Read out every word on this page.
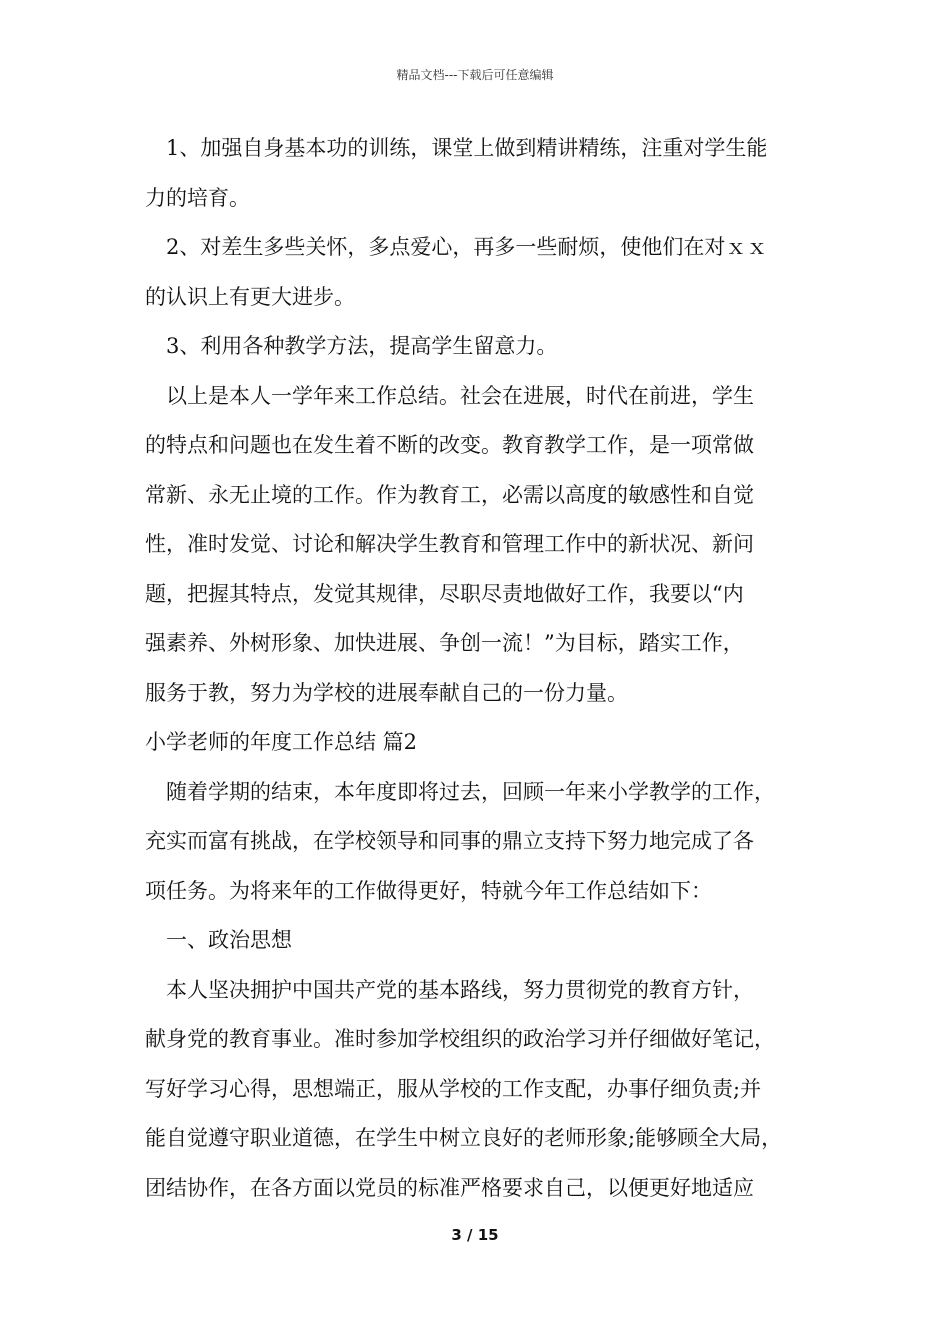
精品文档---下载后可任意编辑
1、加强自身基本功的训练，课堂上做到精讲精练，注重对学生能
力的培育。
2、对差生多些关怀，多点爱心，再多一些耐烦，使他们在对ｘｘ
的认识上有更大进步。
3、利用各种教学方法，提高学生留意力。
以上是本人一学年来工作总结。社会在进展，时代在前进，学生
的特点和问题也在发生着不断的改变。教育教学工作，是一项常做
常新、永无止境的工作。作为教育工，必需以高度的敏感性和自觉
性，准时发觉、讨论和解决学生教育和管理工作中的新状况、新问
题，把握其特点，发觉其规律，尽职尽责地做好工作，我要以“内
强素养、外树形象、加快进展、争创一流！”为目标，踏实工作，
服务于教，努力为学校的进展奉献自己的一份力量。
小学老师的年度工作总结 篇2
随着学期的结束，本年度即将过去，回顾一年来小学教学的工作，
充实而富有挑战，在学校领导和同事的鼎立支持下努力地完成了各
项任务。为将来年的工作做得更好，特就今年工作总结如下：
一、政治思想
本人坚决拥护中国共产党的基本路线，努力贯彻党的教育方针，
献身党的教育事业。准时参加学校组织的政治学习并仔细做好笔记，
写好学习心得，思想端正，服从学校的工作支配，办事仔细负责;并
能自觉遵守职业道德，在学生中树立良好的老师形象;能够顾全大局，
团结协作，在各方面以党员的标准严格要求自己，以便更好地适应
3 / 15
